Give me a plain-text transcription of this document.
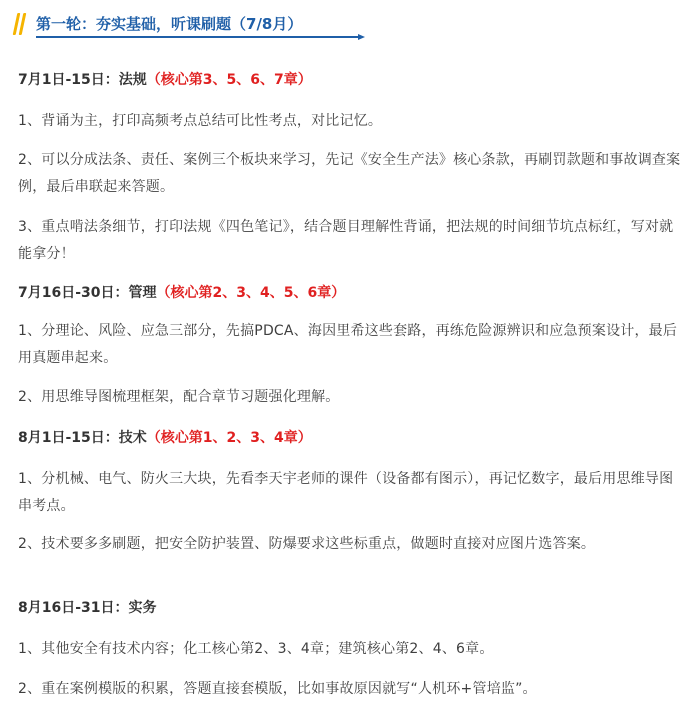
第一轮：夯实基础，听课刷题（7/8月）
7月1日-15日：法规（核心第3、5、6、7章）
1、背诵为主，打印高频考点总结可比性考点，对比记忆。
2、可以分成法条、责任、案例三个板块来学习，先记《安全生产法》核心条款，再刷罚款题和事故调查案例，最后串联起来答题。
3、重点啃法条细节，打印法规《四色笔记》，结合题目理解性背诵，把法规的时间细节坑点标红，写对就能拿分！
7月16日-30日：管理（核心第2、3、4、5、6章）
1、分理论、风险、应急三部分，先搞PDCA、海因里希这些套路，再练危险源辨识和应急预案设计，最后用真题串起来。
2、用思维导图梳理框架，配合章节习题强化理解。
8月1日-15日：技术（核心第1、2、3、4章）
1、分机械、电气、防火三大块，先看李天宇老师的课件（设备都有图示），再记忆数字，最后用思维导图串考点。
2、技术要多多刷题，把安全防护装置、防爆要求这些标重点，做题时直接对应图片选答案。
8月16日-31日：实务
1、其他安全有技术内容；化工核心第2、3、4章；建筑核心第2、4、6章。
2、重在案例模版的积累，答题直接套模版，比如事故原因就写“人机环+管培监”。
